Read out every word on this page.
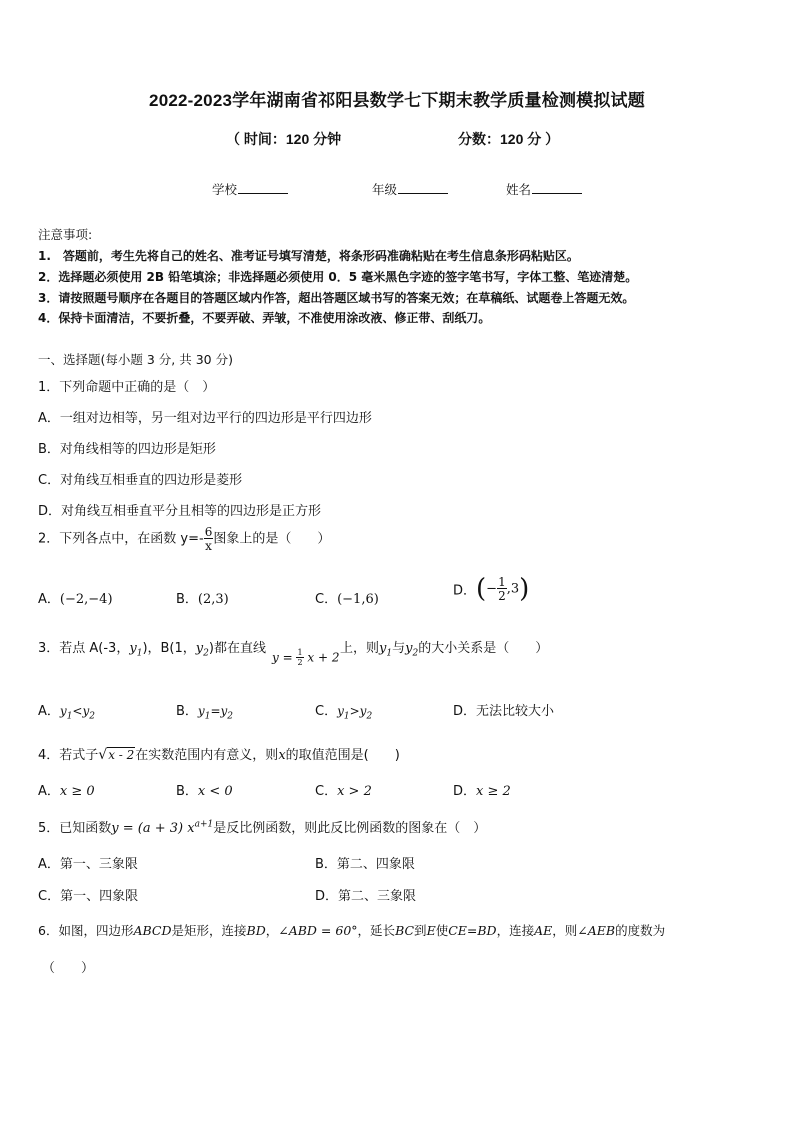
2022-2023学年湖南省祁阳县数学七下期末教学质量检测模拟试题
（ 时间：120 分钟	分数：120 分 ）
学校	年级	姓名
注意事项:
1.　答题前，考生先将自己的姓名、准考证号填写清楚，将条形码准确粘贴在考生信息条形码粘贴区。
2．选择题必须使用 2B 铅笔填涂；非选择题必须使用 0．5 毫米黑色字迹的签字笔书写，字体工整、笔迹清楚。
3．请按照题号顺序在各题目的答题区域内作答，超出答题区域书写的答案无效；在草稿纸、试题卷上答题无效。
4．保持卡面清洁，不要折叠，不要弄破、弄皱，不准使用涂改液、修正带、刮纸刀。
一、选择题(每小题 3 分, 共 30 分)
1．下列命题中正确的是（　）
A．一组对边相等，另一组对边平行的四边形是平行四边形
B．对角线相等的四边形是矩形
C．对角线互相垂直的四边形是菱形
D．对角线互相垂直平分且相等的四边形是正方形
2．下列各点中，在函数 $y=- \frac{6}{x}$ 图象上的是（　　）
A．(−2,−4)	B．(2,3)	C．(−1,6)
D．(− $\frac{1}{2} ,3$)
3．若点 A(-3，$y_1$)，B(1，$y_2$)都在直线
$y = \frac{1}{2}$ x + 2
上，则$y_1$与$y_2$的大小关系是（　　）
A．$y_1<y_2$	B．$y_1=y_2$	C．$y_1>y_2$	D．无法比较大小
4．若式子√x - 2在实数范围内有意义，则x的取值范围是(　　)
A．x ≥ 0	B．x < 0	C．x > 2	D．x ≥ 2
5．已知函数y = (a + 3) $x^{a+1}$是反比例函数，则此反比例函数的图象在（　）
A．第一、三象限	B．第二、四象限
C．第一、四象限	D．第二、三象限
6．如图，四边形ABCD是矩形，连接BD，∠ABD = 60°，延长BC到E使CE=BD，连接AE，则∠AEB的度数为
（　　）
